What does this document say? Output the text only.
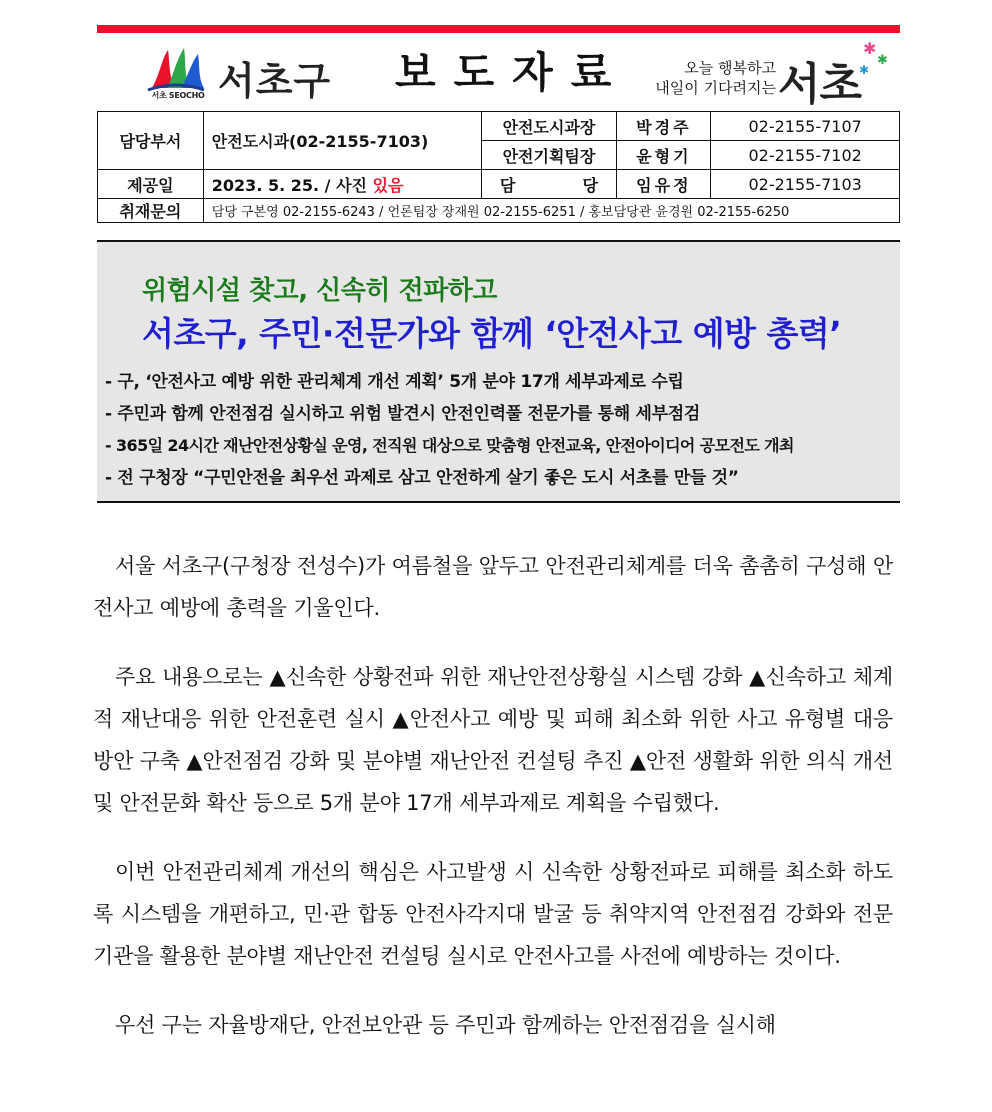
서초 SEOCHO 서초구 보도자료	오늘 행복하고
내일이 기다려지는 서초
✱
✱
✱
담당부서	안전도시과(02-2155-7103)	안전도시과장	박경주	02-2155-7107
		안전기획팀장	윤형기	02-2155-7102
제공일	2023. 5. 25. / 사진 있음	담 당	임유정	02-2155-7103
취재문의	담당 구본영 02-2155-6243 / 언론팀장 장재원 02-2155-6251 / 홍보담당관 윤경원 02-2155-6250			
위험시설 찾고, 신속히 전파하고
서초구, 주민·전문가와 함께 ‘안전사고 예방 총력’
- 구, ‘안전사고 예방 위한 관리체계 개선 계획’ 5개 분야 17개 세부과제로 수립
- 주민과 함께 안전점검 실시하고 위험 발견시 안전인력풀 전문가를 통해 세부점검
- 365일 24시간 재난안전상황실 운영, 전직원 대상으로 맞춤형 안전교육, 안전아이디어 공모전도 개최
- 전 구청장 “구민안전을 최우선 과제로 삼고 안전하게 살기 좋은 도시 서초를 만들 것”

서울 서초구(구청장 전성수)가 여름철을 앞두고 안전관리체계를 더욱 촘촘히 구성해 안전사고 예방에 총력을 기울인다.

주요 내용으로는 ▲신속한 상황전파 위한 재난안전상황실 시스템 강화 ▲신속하고 체계적 재난대응 위한 안전훈련 실시 ▲안전사고 예방 및 피해 최소화 위한 사고 유형별 대응방안 구축 ▲안전점검 강화 및 분야별 재난안전 컨설팅 추진 ▲안전 생활화 위한 의식 개선 및 안전문화 확산 등으로 5개 분야 17개 세부과제로 계획을 수립했다.

이번 안전관리체계 개선의 핵심은 사고발생 시 신속한 상황전파로 피해를 최소화 하도록 시스템을 개편하고, 민·관 합동 안전사각지대 발굴 등 취약지역 안전점검 강화와 전문기관을 활용한 분야별 재난안전 컨설팅 실시로 안전사고를 사전에 예방하는 것이다.

우선 구는 자율방재단, 안전보안관 등 주민과 함께하는 안전점검을 실시해
